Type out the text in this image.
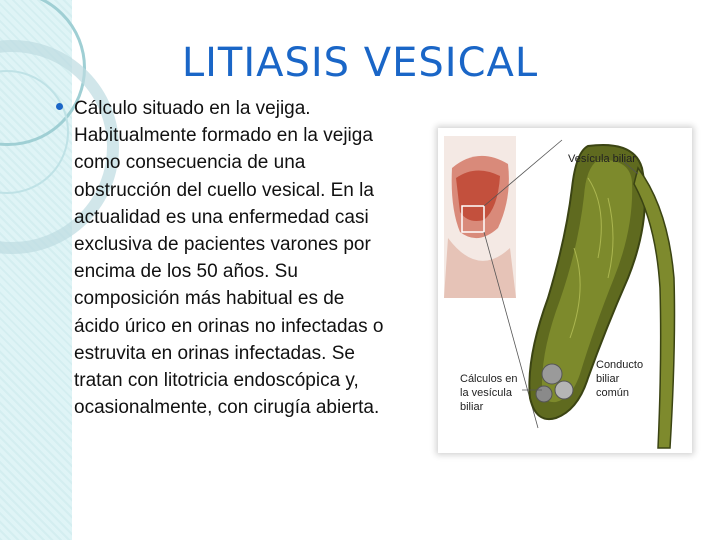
LITIASIS VESICAL

Cálculo situado en la vejiga. Habitualmente formado en la vejiga como consecuencia de una obstrucción del cuello vesical. En la actualidad es una enfermedad casi exclusiva de pacientes varones por encima de los 50 años. Su composición más habitual es de ácido úrico en orinas no infectadas o estruvita en orinas infectadas. Se tratan con litotricia endoscópica y, ocasionalmente, con cirugía abierta.

Vesícula biliar
Conducto
biliar
común
Cálculos en
la vesícula
biliar
